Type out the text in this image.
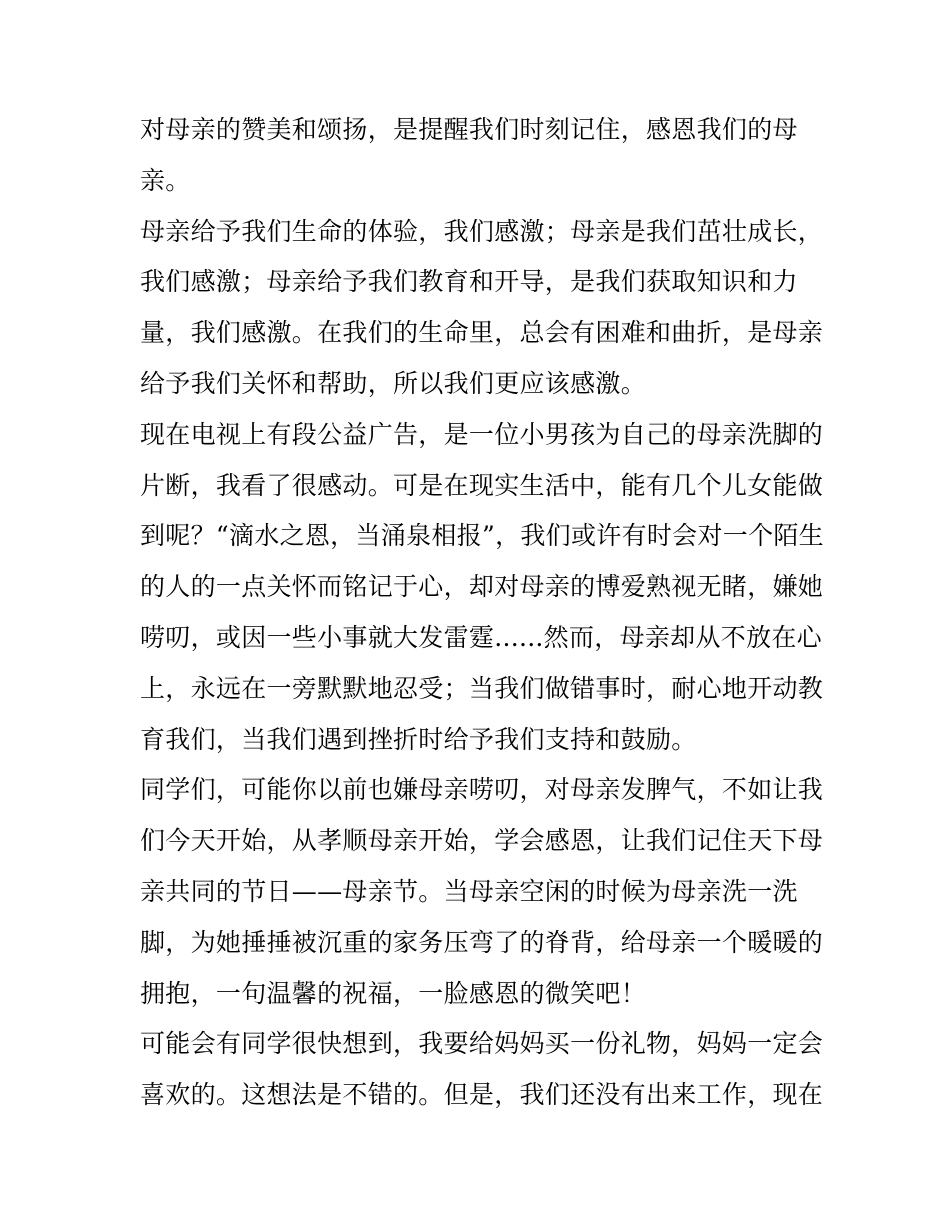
对母亲的赞美和颂扬，是提醒我们时刻记住，感恩我们的母
亲。
母亲给予我们生命的体验，我们感激；母亲是我们茁壮成长，
我们感激；母亲给予我们教育和开导，是我们获取知识和力
量，我们感激。在我们的生命里，总会有困难和曲折，是母亲
给予我们关怀和帮助，所以我们更应该感激。
现在电视上有段公益广告，是一位小男孩为自己的母亲洗脚的
片断，我看了很感动。可是在现实生活中，能有几个儿女能做
到呢？“滴水之恩，当涌泉相报”，我们或许有时会对一个陌生
的人的一点关怀而铭记于心，却对母亲的博爱熟视无睹，嫌她
唠叨，或因一些小事就大发雷霆......然而，母亲却从不放在心
上，永远在一旁默默地忍受；当我们做错事时，耐心地开动教
育我们，当我们遇到挫折时给予我们支持和鼓励。
同学们，可能你以前也嫌母亲唠叨，对母亲发脾气，不如让我
们今天开始，从孝顺母亲开始，学会感恩，让我们记住天下母
亲共同的节日——母亲节。当母亲空闲的时候为母亲洗一洗
脚，为她捶捶被沉重的家务压弯了的脊背，给母亲一个暖暖的
拥抱，一句温馨的祝福，一脸感恩的微笑吧！
可能会有同学很快想到，我要给妈妈买一份礼物，妈妈一定会
喜欢的。这想法是不错的。但是，我们还没有出来工作，现在
